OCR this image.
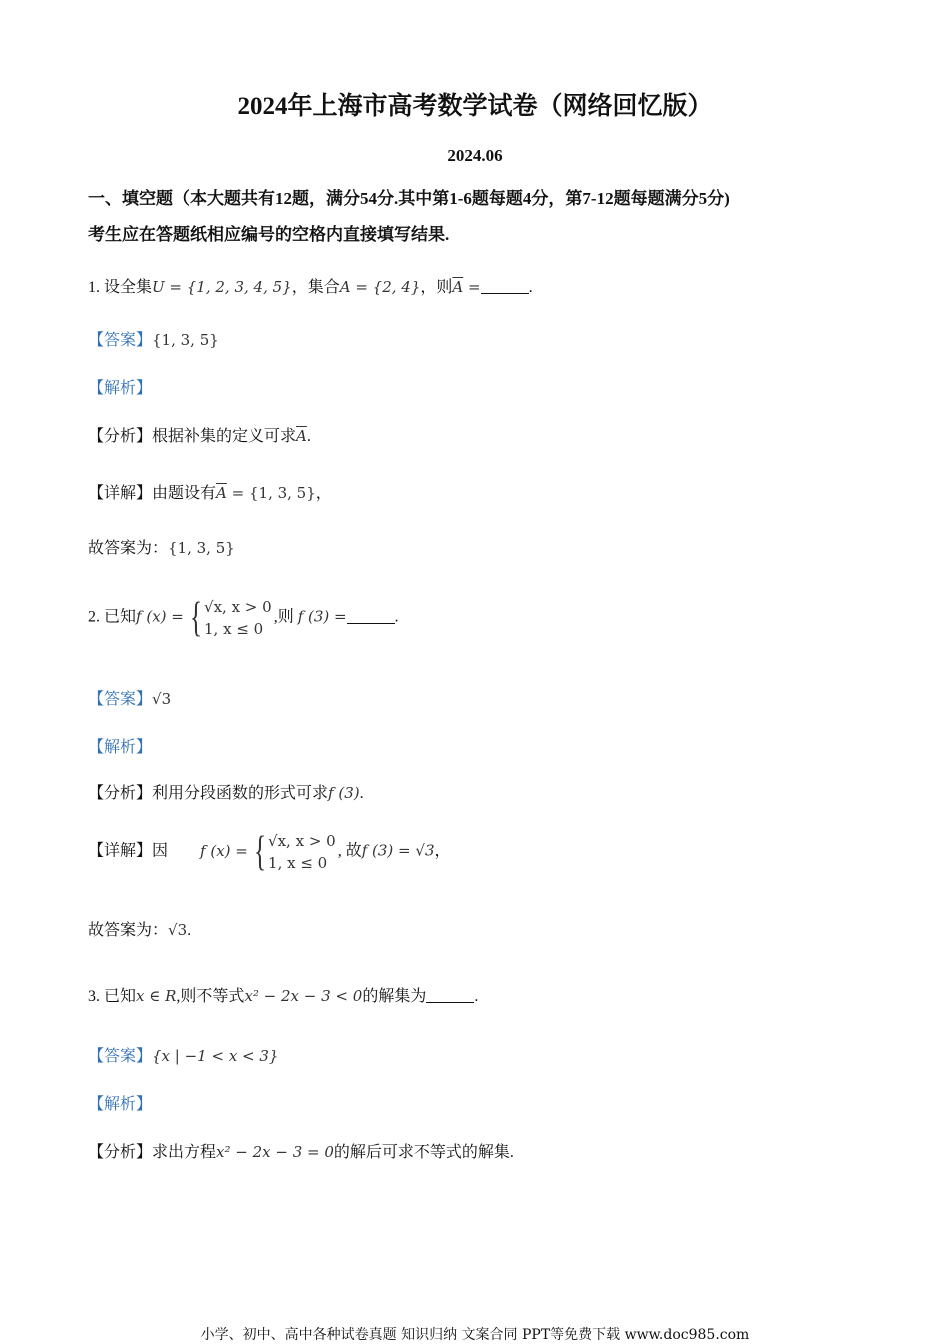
2024年上海市高考数学试卷（网络回忆版）
2024.06
一、填空题（本大题共有12题，满分54分.其中第1-6题每题4分，第7-12题每题满分5分)
考生应在答题纸相应编号的空格内直接填写结果.
1. 设全集U = {1, 2, 3, 4, 5}，集合A = {2, 4}，则$\overline{A}$ =	.
【答案】{1, 3, 5}
【解析】
【分析】根据补集的定义可求$\overline{A}$.
【详解】由题设有$\overline{A} = \{1$, 3, 5}，
故答案为：{1, 3, 5}
2. 已知f (x) = { √x, x > 0
1, x ≤ 0
,则 f (3) =	.
【答案】√3
【解析】
【分析】利用分段函数的形式可求f (3).
【详解】因 f (x) = { √x, x > 0
1, x ≤ 0
, 故f (3) = √3，
故答案为：√3.
3. 已知x ∈ R,则不等式x² − 2x − 3 < 0的解集为	.
【答案】{x | −1 < x < 3}
【解析】
【分析】求出方程x² − 2x − 3 = 0的解后可求不等式的解集.
小学、初中、高中各种试卷真题 知识归纳 文案合同 PPT等免费下载 www.doc985.com
